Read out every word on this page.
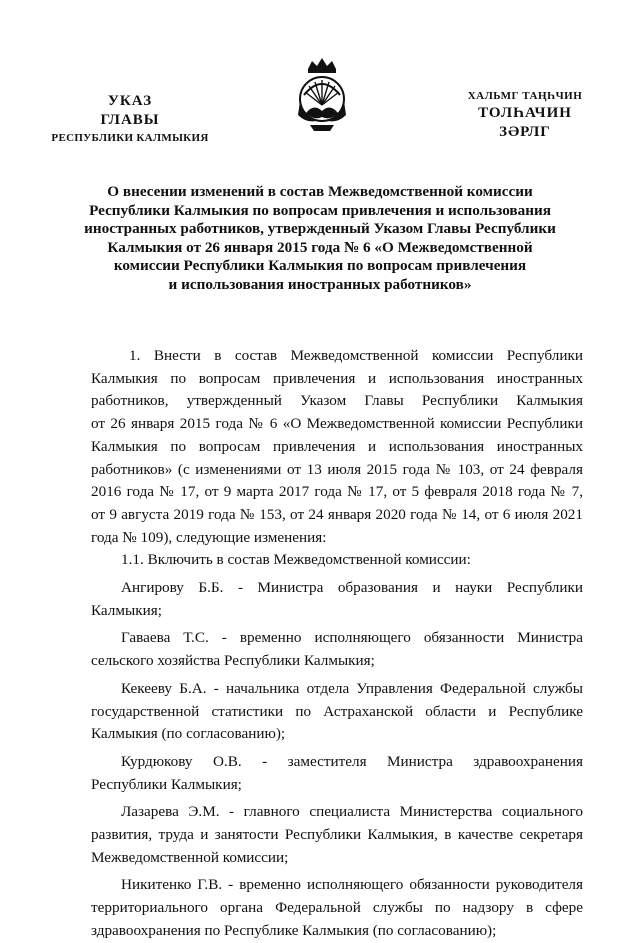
УКАЗ
ГЛАВЫ
РЕСПУБЛИКИ КАЛМЫКИЯ
ХАЛЬМГ ТАҢҺЧИН
ТОЛҺАЧИН
ЗӘРЛГ
О внесении изменений в состав Межведомственной комиссии
Республики Калмыкия по вопросам привлечения и использования
иностранных работников, утвержденный Указом Главы Республики
Калмыкия от 26 января 2015 года № 6 «О Межведомственной
комиссии Республики Калмыкия по вопросам привлечения
и использования иностранных работников»

1. Внести в состав Межведомственной комиссии Республики

Калмыкия по вопросам привлечения и использования иностранных

работников, утвержденный Указом Главы Республики Калмыкия

от 26 января 2015 года № 6 «О Межведомственной комиссии Республики

Калмыкия по вопросам привлечения и использования иностранных

работников» (с изменениями от 13 июля 2015 года № 103, от 24 февраля

2016 года № 17, от 9 марта 2017 года № 17, от 5 февраля 2018 года № 7,

от 9 августа 2019 года № 153, от 24 января 2020 года № 14, от 6 июля 2021

года № 109), следующие изменения:

1.1. Включить в состав Межведомственной комиссии:

Ангирову Б.Б. - Министра образования и науки Республики

Калмыкия;

Гаваева Т.С. - временно исполняющего обязанности Министра

сельского хозяйства Республики Калмыкия;

Кекееву Б.А. - начальника отдела Управления Федеральной службы

государственной статистики по Астраханской области и Республике

Калмыкия (по согласованию);

Курдюкову О.В. - заместителя Министра здравоохранения

Республики Калмыкия;

Лазарева Э.М. - главного специалиста Министерства социального

развития, труда и занятости Республики Калмыкия, в качестве секретаря

Межведомственной комиссии;

Никитенко Г.В. - временно исполняющего обязанности руководителя

территориального органа Федеральной службы по надзору в сфере

здравоохранения по Республике Калмыкия (по согласованию);
